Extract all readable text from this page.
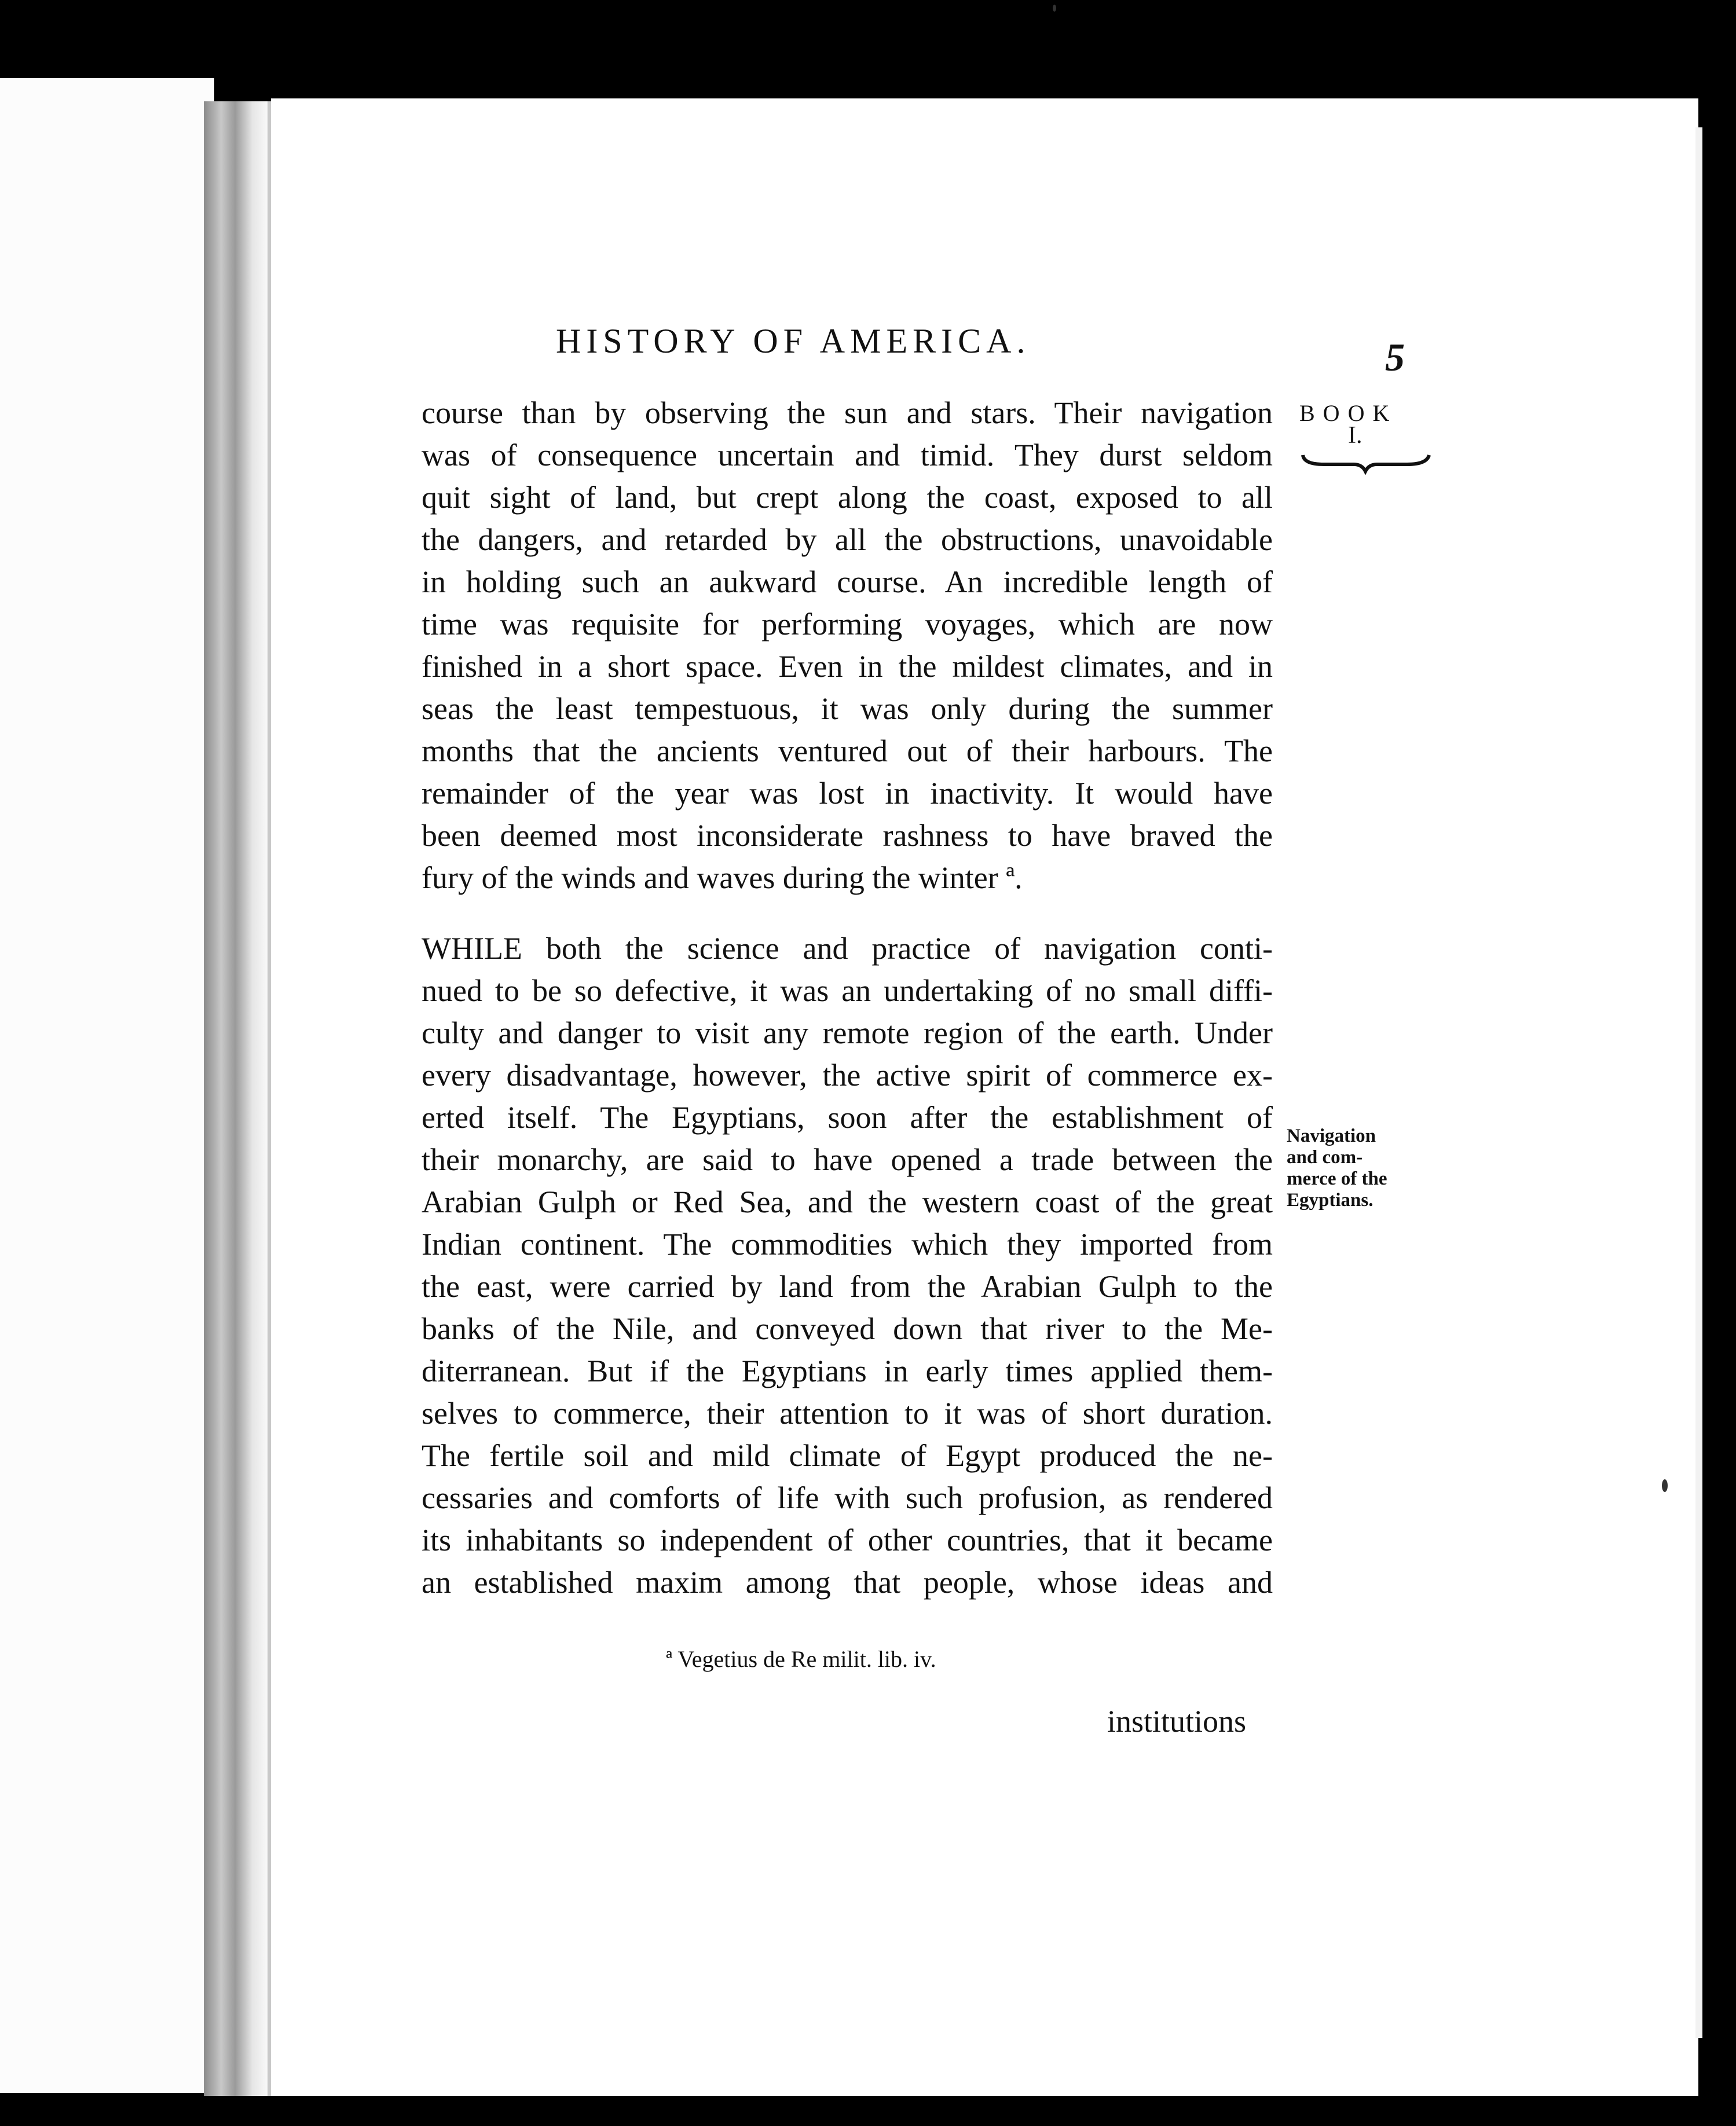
HISTORY OF AMERICA.	5
BOOK
I.
course than by observing the sun and stars. Their navigation
was of consequence uncertain and timid. They durst seldom
quit sight of land, but crept along the coast, exposed to all
the dangers, and retarded by all the obstructions, unavoidable
in holding such an aukward course. An incredible length of
time was requisite for performing voyages, which are now
finished in a short space. Even in the mildest climates, and in
seas the least tempestuous, it was only during the summer
months that the ancients ventured out of their harbours. The
remainder of the year was lost in inactivity. It would have
been deemed most inconsiderate rashness to have braved the
fury of the winds and waves during the winter ª.
WHILE both the science and practice of navigation conti-
nued to be so defective, it was an undertaking of no small diffi-
culty and danger to visit any remote region of the earth. Under
every disadvantage, however, the active spirit of commerce ex-
erted itself. The Egyptians, soon after the establishment of
their monarchy, are said to have opened a trade between the
Arabian Gulph or Red Sea, and the western coast of the great
Indian continent. The commodities which they imported from
the east, were carried by land from the Arabian Gulph to the
banks of the Nile, and conveyed down that river to the Me-
diterranean. But if the Egyptians in early times applied them-
selves to commerce, their attention to it was of short duration.
The fertile soil and mild climate of Egypt produced the ne-
cessaries and comforts of life with such profusion, as rendered
its inhabitants so independent of other countries, that it became
an established maxim among that people, whose ideas and
Navigation
and com-
merce of the
Egyptians.
ª Vegetius de Re milit. lib. iv.
institutions
